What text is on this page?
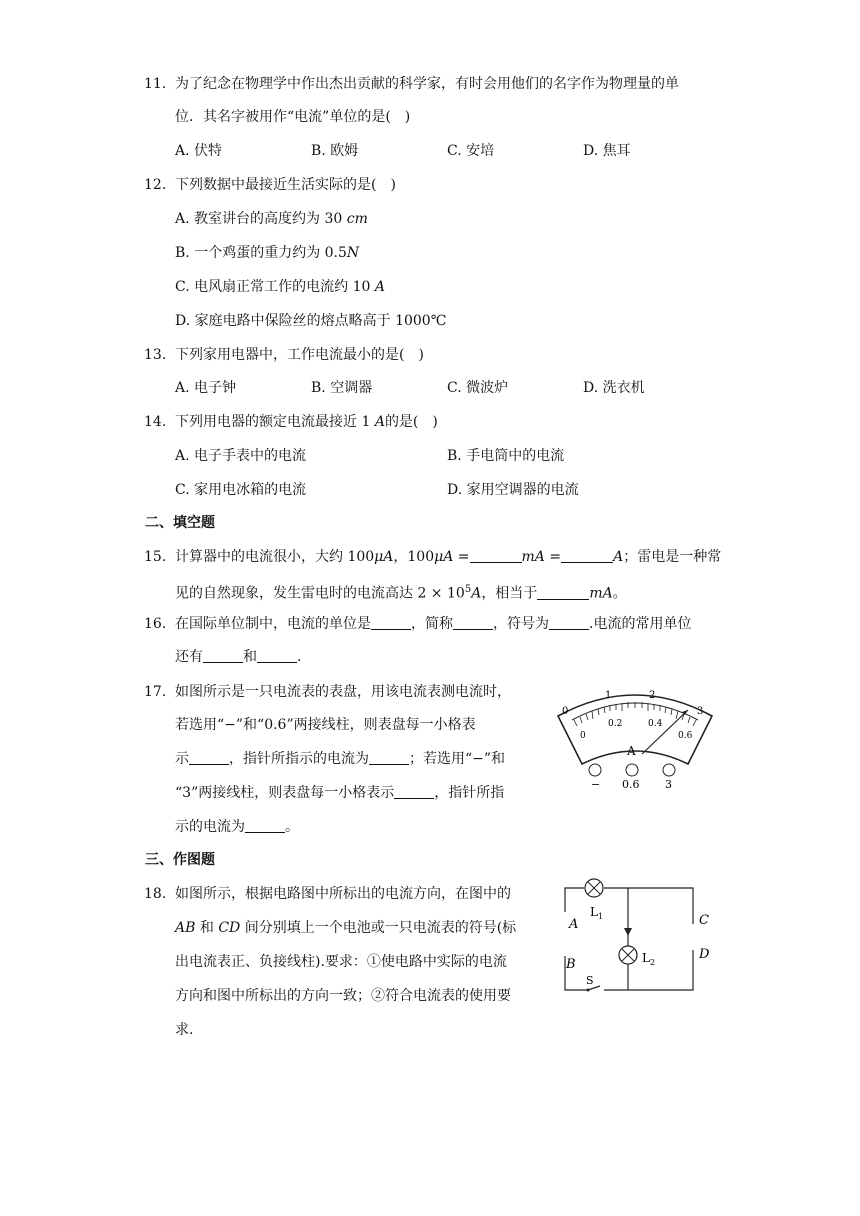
11. 为了纪念在物理学中作出杰出贡献的科学家，有时会用他们的名字作为物理量的单
位．其名字被用作“电流”单位的是(　)
A. 伏特	B. 欧姆	C. 安培	D. 焦耳
12. 下列数据中最接近生活实际的是(　)
A. 教室讲台的高度约为 30 cm
B. 一个鸡蛋的重力约为 0.5N
C. 电风扇正常工作的电流约 10 A
D. 家庭电路中保险丝的熔点略高于 1000℃
13. 下列家用电器中，工作电流最小的是(　)
A. 电子钟	B. 空调器	C. 微波炉	D. 洗衣机
14. 下列用电器的额定电流最接近 1 A的是(　)
A. 电子手表中的电流	B. 手电筒中的电流
C. 家用电冰箱的电流	D. 家用空调器的电流
二、填空题
15. 计算器中的电流很小，大约 100μA，100μA =	mA =	A；雷电是一种常
见的自然现象，发生雷电时的电流高达 $2 \times 10^5A$，相当于	mA。
16. 在国际单位制中，电流的单位是	，简称	，符号为	.电流的常用单位
还有	和	.
17. 如图所示是一只电流表的表盘，用该电流表测电流时，
若选用“−”和“0.6”两接线柱，则表盘每一小格表
示	，指针所指示的电流为	；若选用“−”和
“3”两接线柱，则表盘每一小格表示	，指针所指
示的电流为	。
0
1	2
3
0
0.2	0.4
0.6
A
− 0.6 3
三、作图题
18. 如图所示，根据电路图中所标出的电流方向，在图中的
AB 和 CD 间分别填上一个电池或一只电流表的符号(标
出电流表正、负接线柱).要求：①使电路中实际的电流
方向和图中所标出的方向一致；②符合电流表的使用要
求.
$L_1$
$L_2$
A
B
C
D
S
